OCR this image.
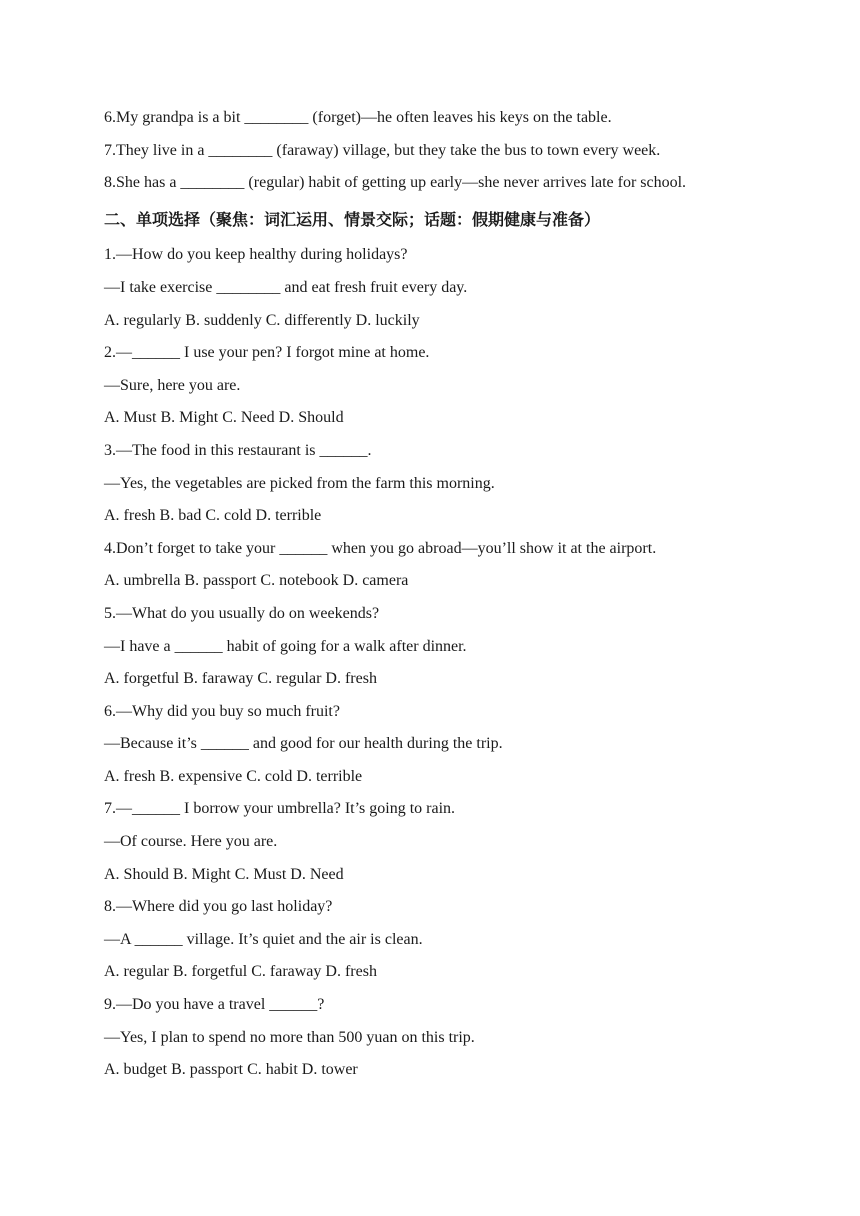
6.My grandpa is a bit ________ (forget)—he often leaves his keys on the table.
7.They live in a ________ (faraway) village, but they take the bus to town every week.
8.She has a ________ (regular) habit of getting up early—she never arrives late for school.
二、单项选择（聚焦：词汇运用、情景交际；话题：假期健康与准备）
1.—How do you keep healthy during holidays?
—I take exercise ________ and eat fresh fruit every day.
A. regularly B. suddenly C. differently D. luckily
2.—______ I use your pen? I forgot mine at home.
—Sure, here you are.
A. Must B. Might C. Need D. Should
3.—The food in this restaurant is ______.
—Yes, the vegetables are picked from the farm this morning.
A. fresh B. bad C. cold D. terrible
4.Don’t forget to take your ______ when you go abroad—you’ll show it at the airport.
A. umbrella B. passport C. notebook D. camera
5.—What do you usually do on weekends?
—I have a ______ habit of going for a walk after dinner.
A. forgetful B. faraway C. regular D. fresh
6.—Why did you buy so much fruit?
—Because it’s ______ and good for our health during the trip.
A. fresh B. expensive C. cold D. terrible
7.—______ I borrow your umbrella? It’s going to rain.
—Of course. Here you are.
A. Should B. Might C. Must D. Need
8.—Where did you go last holiday?
—A ______ village. It’s quiet and the air is clean.
A. regular B. forgetful C. faraway D. fresh
9.—Do you have a travel ______?
—Yes, I plan to spend no more than 500 yuan on this trip.
A. budget B. passport C. habit D. tower
